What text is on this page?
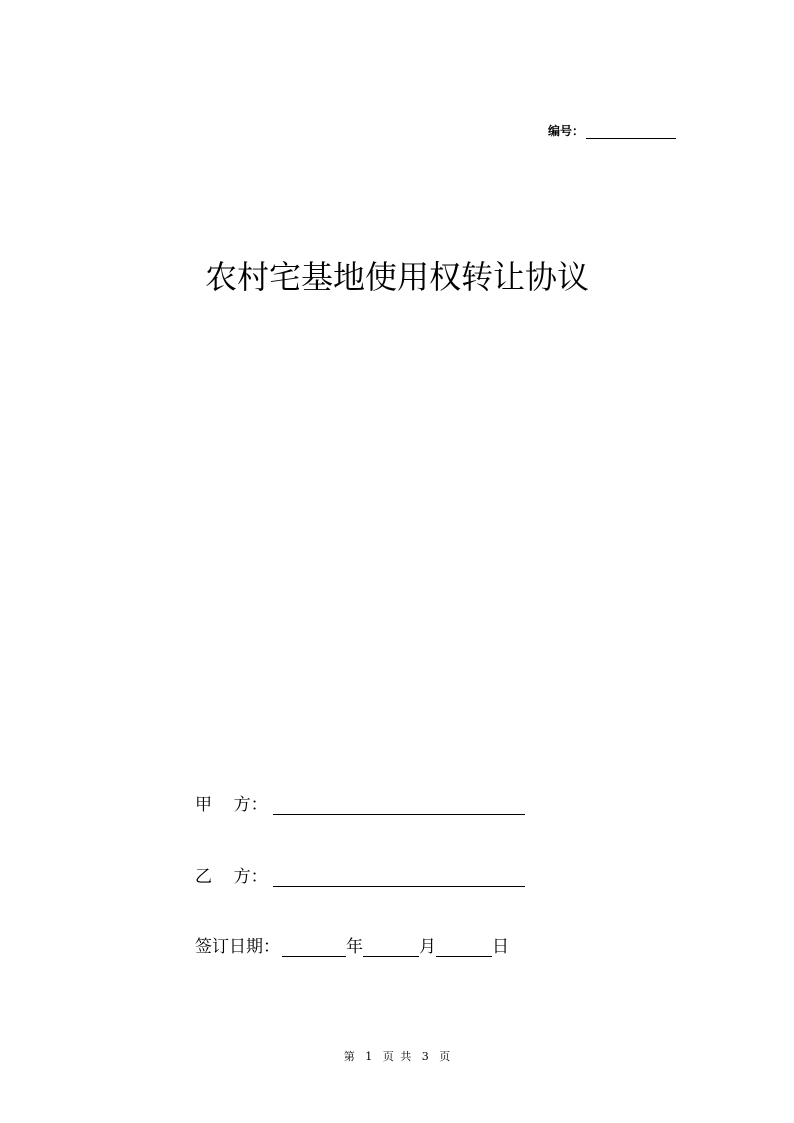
编号：
农村宅基地使用权转让协议
甲    方：
乙    方：
签订日期：	年	月	日
第 1 页 共 3 页
